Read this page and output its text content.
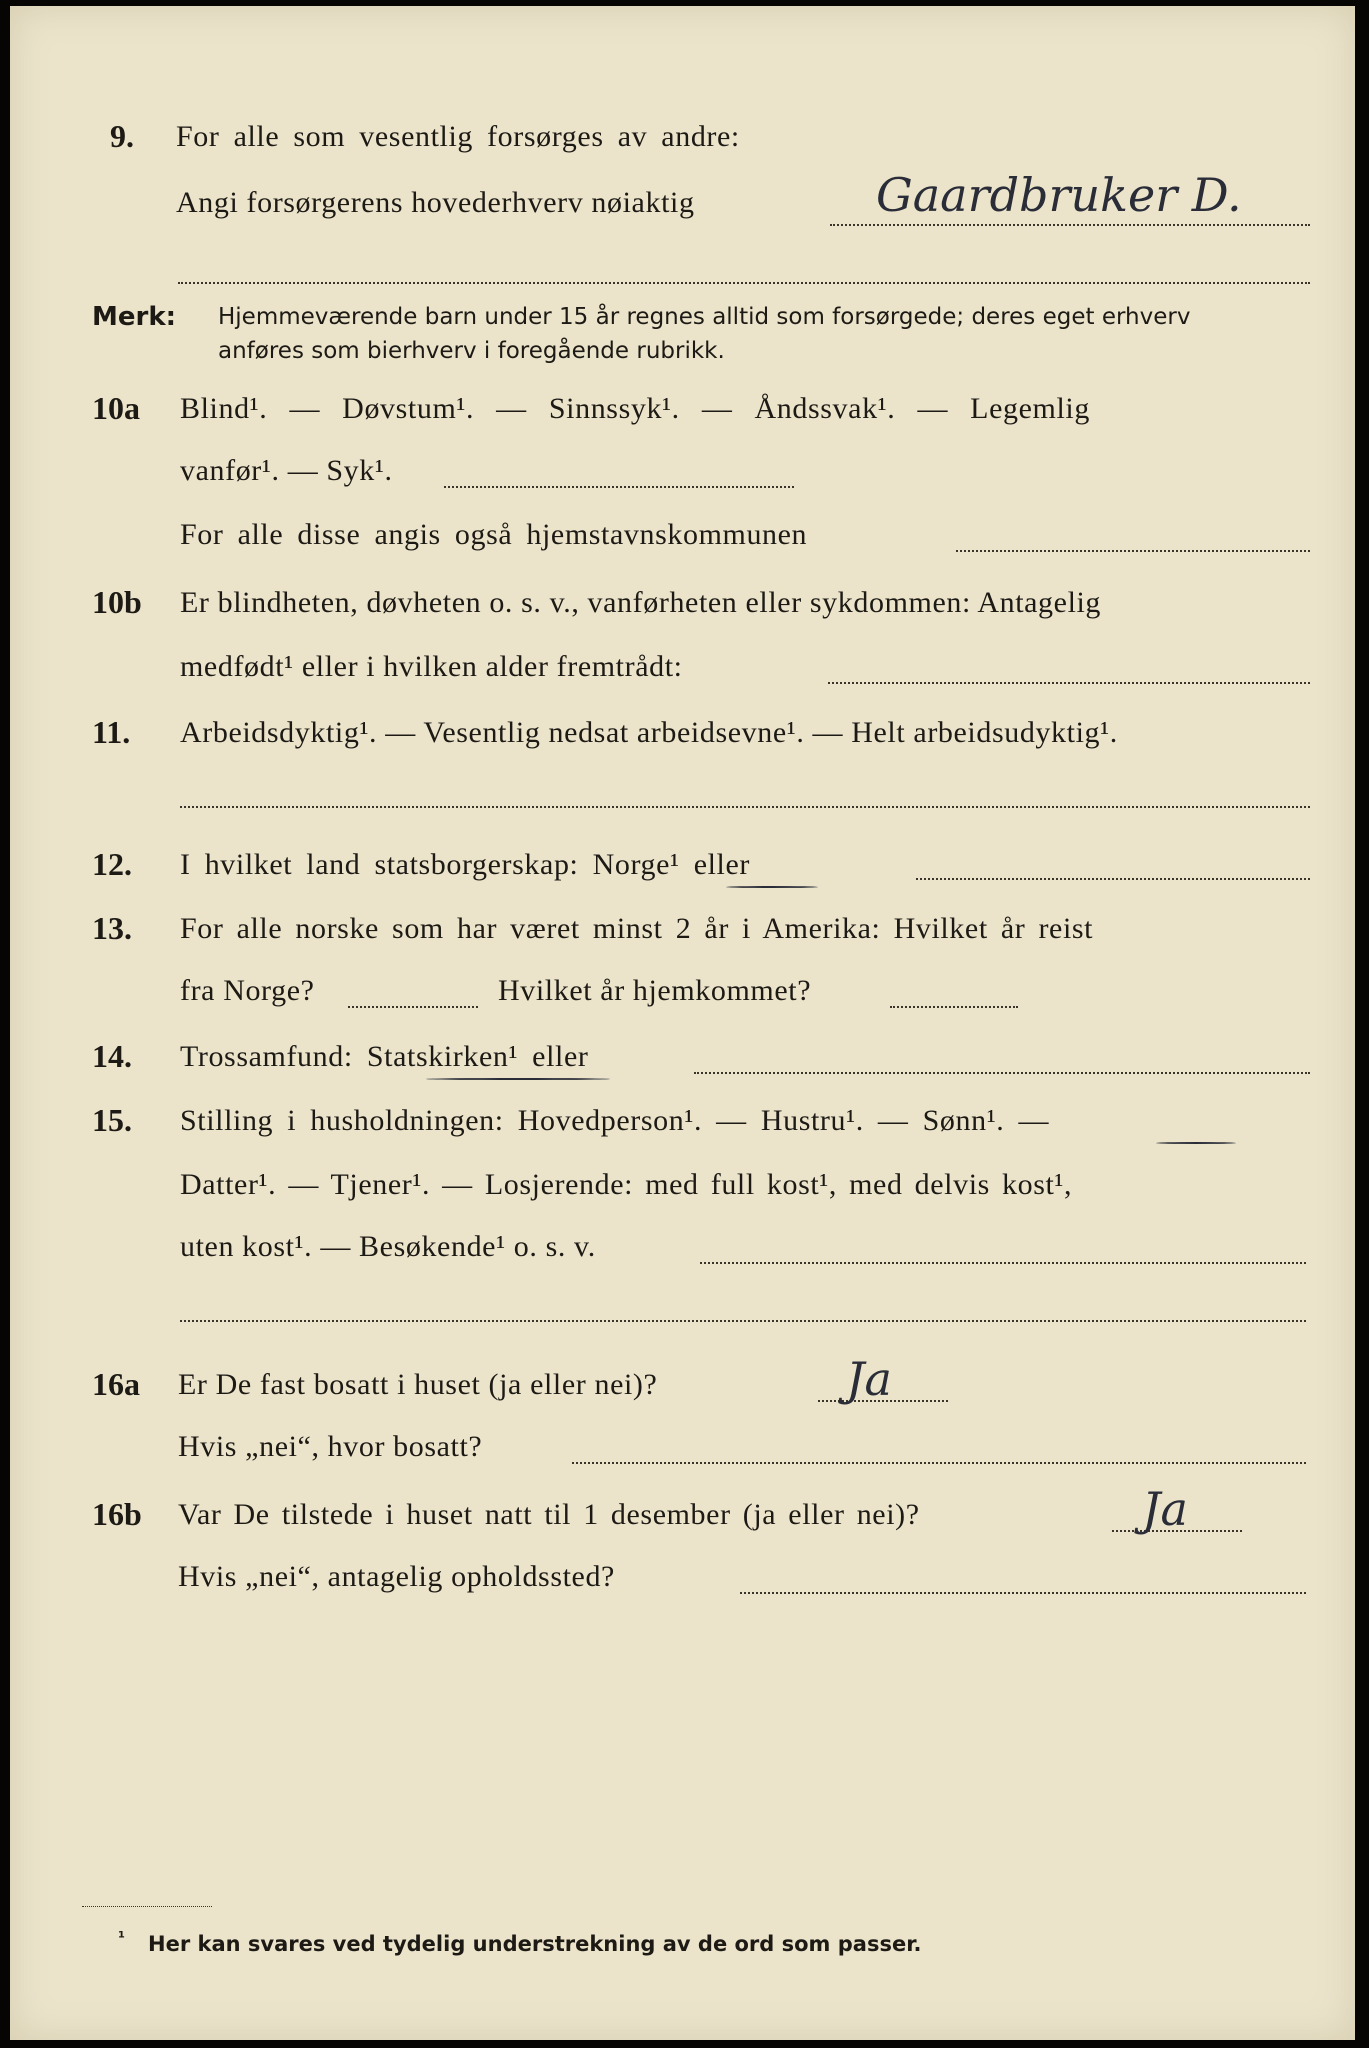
9. For alle som vesentlig forsørges av andre:
Angi forsørgerens hovederhverv nøiaktig	Gaardbruker D.
Merk: Hjemmeværende barn under 15 år regnes alltid som forsørgede; deres eget erhverv
anføres som bierhverv i foregående rubrikk.
10a Blind¹. — Døvstum¹. — Sinnssyk¹. — Åndssvak¹. — Legemlig
vanfør¹. — Syk¹.
For alle disse angis også hjemstavnskommunen
10b Er blindheten, døvheten o. s. v., vanførheten eller sykdommen: Antagelig
medfødt¹ eller i hvilken alder fremtrådt:
11. Arbeidsdyktig¹. — Vesentlig nedsat arbeidsevne¹. — Helt arbeidsudyktig¹.
12. I hvilket land statsborgerskap: Norge¹ eller
13. For alle norske som har været minst 2 år i Amerika: Hvilket år reist
fra Norge?	Hvilket år hjemkommet?
14. Trossamfund: Statskirken¹ eller
15. Stilling i husholdningen: Hovedperson¹. — Hustru¹. — Sønn¹. —
Datter¹. — Tjener¹. — Losjerende: med full kost¹, med delvis kost¹,
uten kost¹. — Besøkende¹ o. s. v.
16a Er De fast bosatt i huset (ja eller nei)?	Ja
Hvis „nei“, hvor bosatt?
16b Var De tilstede i huset natt til 1 desember (ja eller nei)?	Ja
Hvis „nei“, antagelig opholdssted?
¹ Her kan svares ved tydelig understrekning av de ord som passer.
